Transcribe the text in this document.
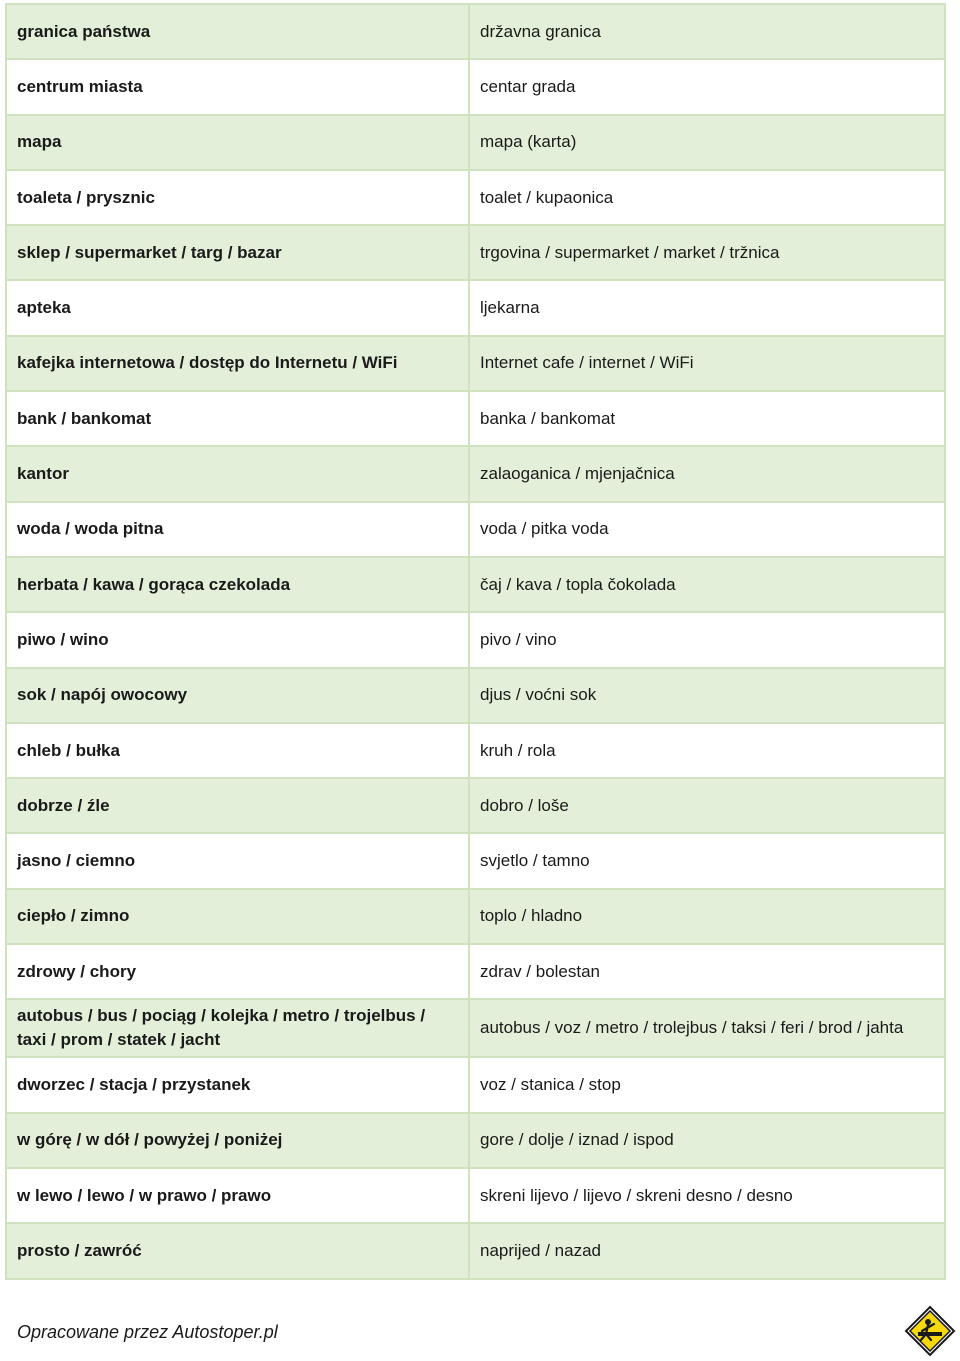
granica państwa	državna granica
centrum miasta	centar grada
mapa	mapa (karta)
toaleta / prysznic	toalet / kupaonica
sklep / supermarket / targ / bazar	trgovina / supermarket / market / tržnica
apteka	ljekarna
kafejka internetowa / dostęp do Internetu / WiFi	Internet cafe / internet / WiFi
bank / bankomat	banka / bankomat
kantor	zalaoganica / mjenjačnica
woda / woda pitna	voda / pitka voda
herbata / kawa / gorąca czekolada	čaj / kava / topla čokolada
piwo / wino	pivo / vino
sok / napój owocowy	djus / voćni sok
chleb / bułka	kruh / rola
dobrze / źle	dobro / loše
jasno / ciemno	svjetlo / tamno
ciepło / zimno	toplo / hladno
zdrowy / chory	zdrav / bolestan
autobus / bus / pociąg / kolejka / metro / trojelbus / taxi / prom / statek / jacht	autobus / voz / metro / trolejbus / taksi / feri / brod / jahta
dworzec / stacja / przystanek	voz / stanica / stop
w górę / w dół / powyżej / poniżej	gore / dolje / iznad / ispod
w lewo / lewo / w prawo / prawo	skreni lijevo / lijevo / skreni desno / desno
prosto / zawróć	naprijed / nazad
Opracowane przez Autostoper.pl
